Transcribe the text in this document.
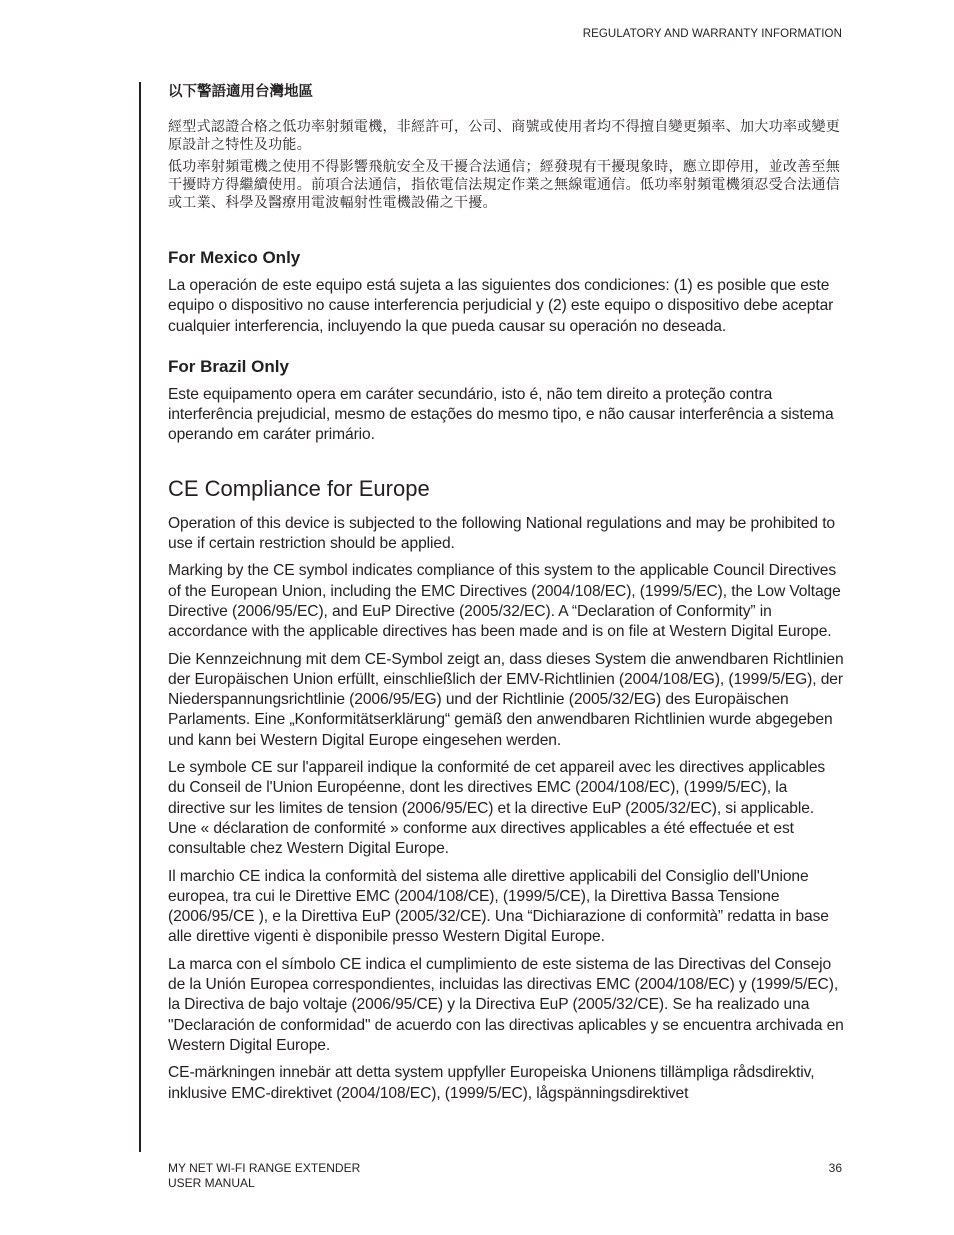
REGULATORY AND WARRANTY INFORMATION
以下警語適用台灣地區

經型式認證合格之低功率射頻電機，非經許可，公司、商號或使用者均不得擅自變更頻率、加大功率或變更原設計之特性及功能。

低功率射頻電機之使用不得影響飛航安全及干擾合法通信；經發現有干擾現象時，應立即停用，並改善至無干擾時方得繼續使用。前項合法通信，指依電信法規定作業之無線電通信。低功率射頻電機須忍受合法通信或工業、科學及醫療用電波輻射性電機設備之干擾。

For Mexico Only

La operación de este equipo está sujeta a las siguientes dos condiciones: (1) es posible que este equipo o dispositivo no cause interferencia perjudicial y (2) este equipo o dispositivo debe aceptar cualquier interferencia, incluyendo la que pueda causar su operación no deseada.

For Brazil Only

Este equipamento opera em caráter secundário, isto é, não tem direito a proteção contra interferência prejudicial, mesmo de estações do mesmo tipo, e não causar interferência a sistema operando em caráter primário.

CE Compliance for Europe

Operation of this device is subjected to the following National regulations and may be prohibited to use if certain restriction should be applied.

Marking by the CE symbol indicates compliance of this system to the applicable Council Directives of the European Union, including the EMC Directives (2004/108/EC), (1999/5/EC), the Low Voltage Directive (2006/95/EC), and EuP Directive (2005/32/EC). A “Declaration of Conformity” in accordance with the applicable directives has been made and is on file at Western Digital Europe.

Die Kennzeichnung mit dem CE-Symbol zeigt an, dass dieses System die anwendbaren Richtlinien der Europäischen Union erfüllt, einschließlich der EMV-Richtlinien (2004/108/EG), (1999/5/EG), der Niederspannungsrichtlinie (2006/95/EG) und der Richtlinie (2005/32/EG) des Europäischen Parlaments. Eine „Konformitätserklärung“ gemäß den anwendbaren Richtlinien wurde abgegeben und kann bei Western Digital Europe eingesehen werden.

Le symbole CE sur l'appareil indique la conformité de cet appareil avec les directives applicables du Conseil de l'Union Européenne, dont les directives EMC (2004/108/EC), (1999/5/EC), la directive sur les limites de tension (2006/95/EC) et la directive EuP (2005/32/EC), si applicable. Une « déclaration de conformité » conforme aux directives applicables a été effectuée et est consultable chez Western Digital Europe.

Il marchio CE indica la conformità del sistema alle direttive applicabili del Consiglio dell'Unione europea, tra cui le Direttive EMC (2004/108/CE), (1999/5/CE), la Direttiva Bassa Tensione (2006/95/CE ), e la Direttiva EuP (2005/32/CE). Una “Dichiarazione di conformità” redatta in base alle direttive vigenti è disponibile presso Western Digital Europe.

La marca con el símbolo CE indica el cumplimiento de este sistema de las Directivas del Consejo de la Unión Europea correspondientes, incluidas las directivas EMC (2004/108/EC) y (1999/5/EC), la Directiva de bajo voltaje (2006/95/CE) y la Directiva EuP (2005/32/CE). Se ha realizado una "Declaración de conformidad" de acuerdo con las directivas aplicables y se encuentra archivada en Western Digital Europe.

CE-märkningen innebär att detta system uppfyller Europeiska Unionens tillämpliga rådsdirektiv, inklusive EMC-direktivet (2004/108/EC), (1999/5/EC), lågspänningsdirektivet

MY NET WI-FI RANGE EXTENDER
USER MANUAL
36
